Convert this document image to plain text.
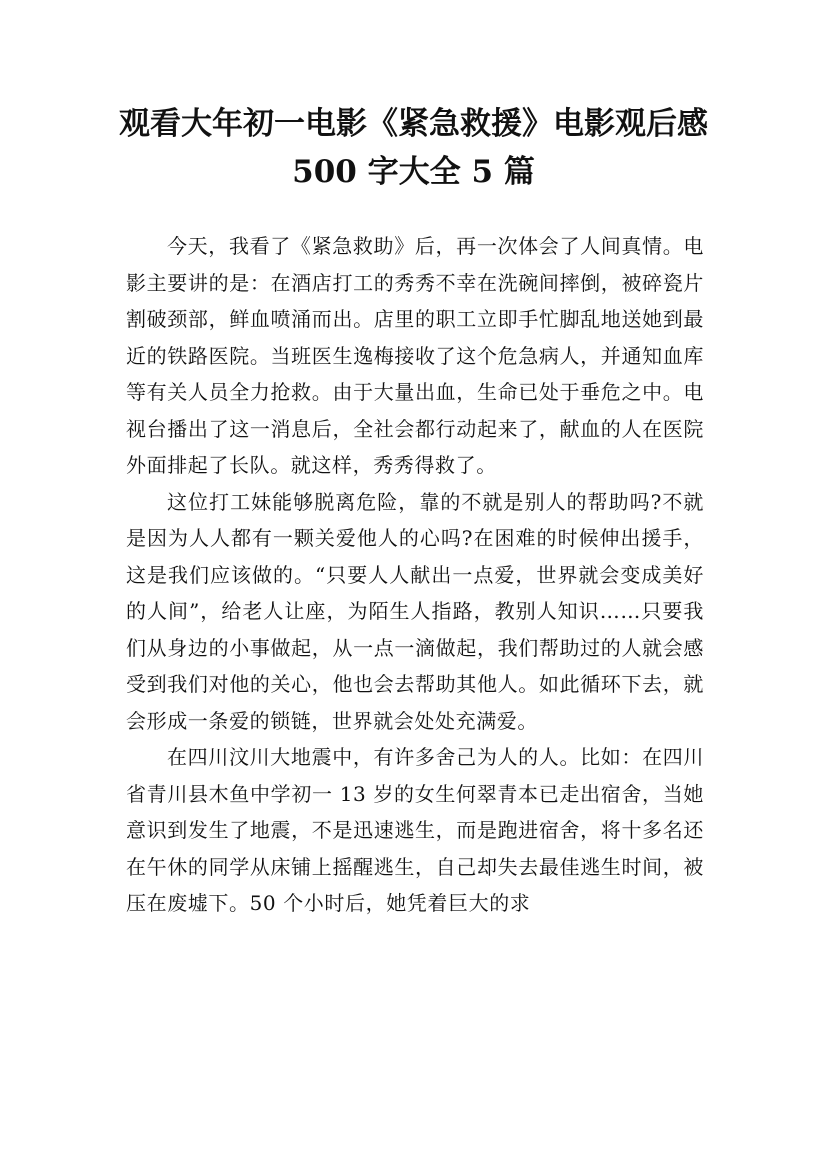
观看大年初一电影《紧急救援》电影观后感
500 字大全 5 篇

今天，我看了《紧急救助》后，再一次体会了人间真情。电影主要讲的是：在酒店打工的秀秀不幸在洗碗间摔倒，被碎瓷片割破颈部，鲜血喷涌而出。店里的职工立即手忙脚乱地送她到最近的铁路医院。当班医生逸梅接收了这个危急病人，并通知血库等有关人员全力抢救。由于大量出血，生命已处于垂危之中。电视台播出了这一消息后，全社会都行动起来了，献血的人在医院外面排起了长队。就这样，秀秀得救了。

这位打工妹能够脱离危险，靠的不就是别人的帮助吗?不就是因为人人都有一颗关爱他人的心吗?在困难的时候伸出援手，这是我们应该做的。“只要人人献出一点爱，世界就会变成美好的人间”，给老人让座，为陌生人指路，教别人知识……只要我们从身边的小事做起，从一点一滴做起，我们帮助过的人就会感受到我们对他的关心，他也会去帮助其他人。如此循环下去，就会形成一条爱的锁链，世界就会处处充满爱。

在四川汶川大地震中，有许多舍己为人的人。比如：在四川省青川县木鱼中学初一 13 岁的女生何翠青本已走出宿舍，当她意识到发生了地震，不是迅速逃生，而是跑进宿舍，将十多名还在午休的同学从床铺上摇醒逃生，自己却失去最佳逃生时间，被压在废墟下。50 个小时后，她凭着巨大的求
